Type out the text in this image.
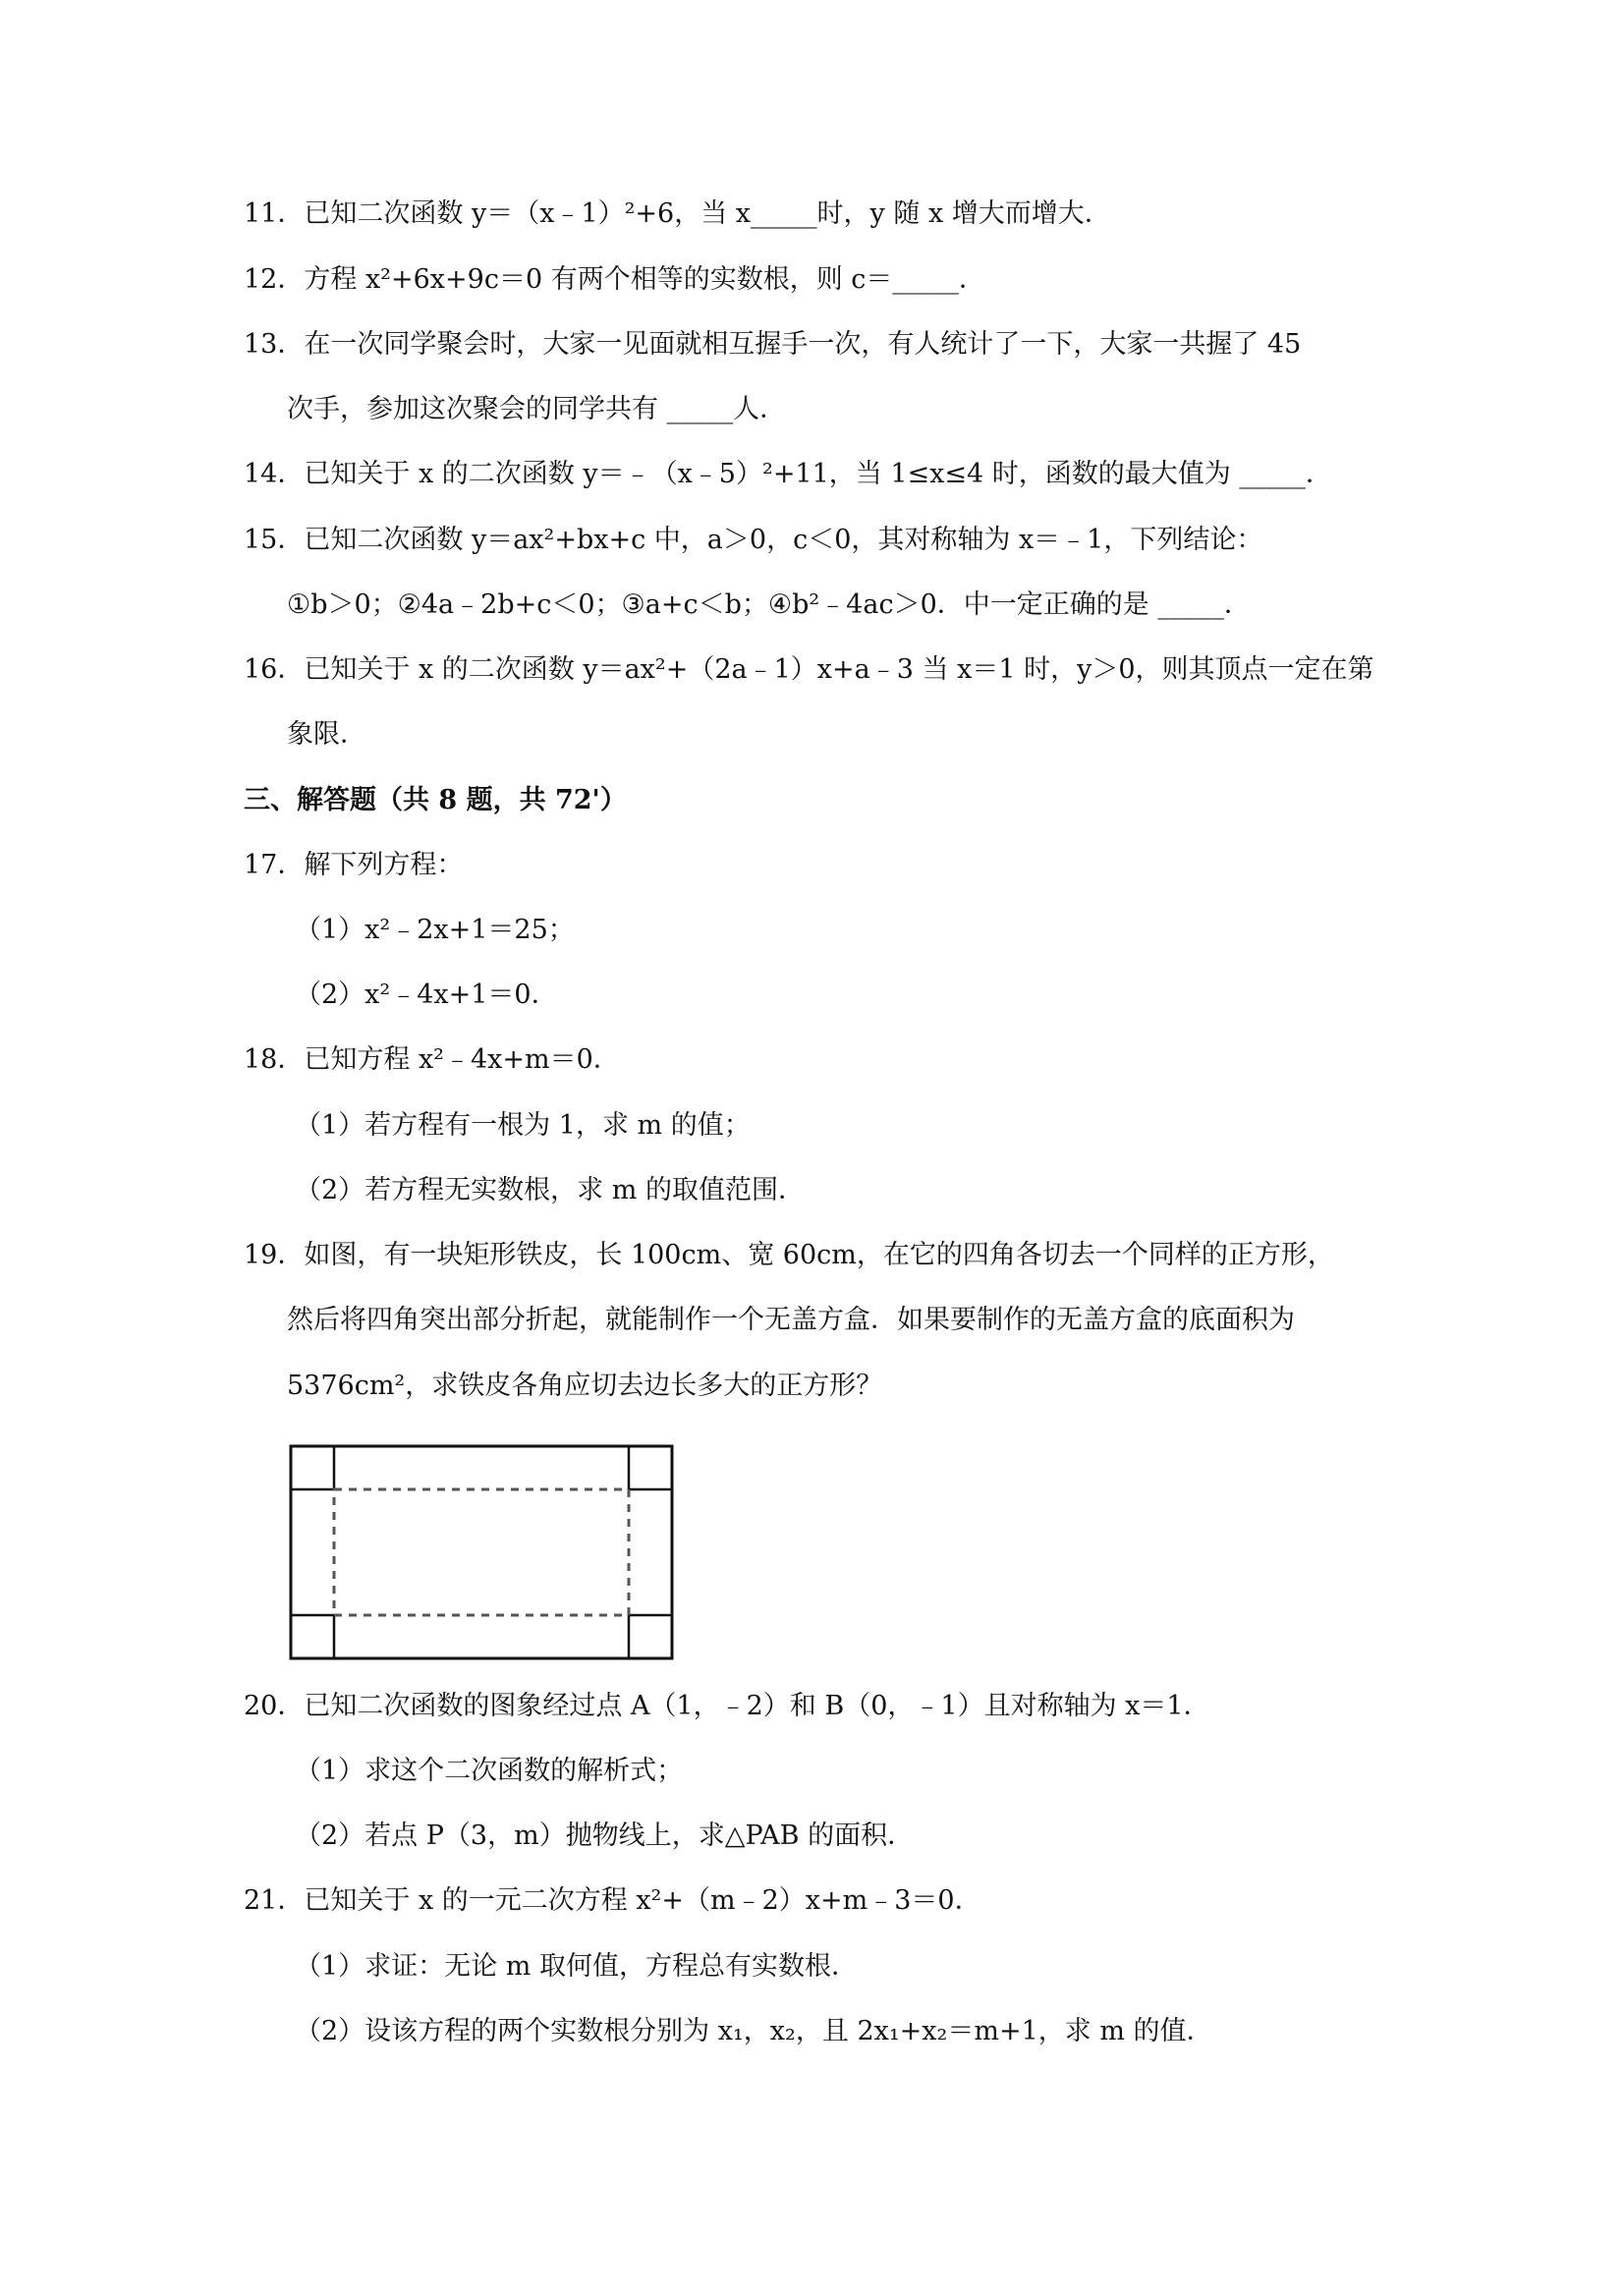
11．已知二次函数 y＝（x﹣1）²+6，当 x_____时，y 随 x 增大而增大．
12．方程 x²+6x+9c＝0 有两个相等的实数根，则 c＝_____．
13．在一次同学聚会时，大家一见面就相互握手一次，有人统计了一下，大家一共握了 45
次手，参加这次聚会的同学共有 _____人．
14．已知关于 x 的二次函数 y＝﹣（x﹣5）²+11，当 1≤x≤4 时，函数的最大值为 _____．
15．已知二次函数 y＝ax²+bx+c 中，a＞0，c＜0，其对称轴为 x＝﹣1，下列结论：
①b＞0；②4a﹣2b+c＜0；③a+c＜b；④b²﹣4ac＞0．中一定正确的是 _____．
16．已知关于 x 的二次函数 y＝ax²+（2a﹣1）x+a﹣3 当 x＝1 时，y＞0，则其顶点一定在第
象限．
三、解答题（共 8 题，共 72'）
17．解下列方程：
（1）x²﹣2x+1＝25；
（2）x²﹣4x+1＝0．
18．已知方程 x²﹣4x+m＝0．
（1）若方程有一根为 1，求 m 的值；
（2）若方程无实数根，求 m 的取值范围．
19．如图，有一块矩形铁皮，长 100cm、宽 60cm，在它的四角各切去一个同样的正方形，
然后将四角突出部分折起，就能制作一个无盖方盒．如果要制作的无盖方盒的底面积为
5376cm²，求铁皮各角应切去边长多大的正方形？
20．已知二次函数的图象经过点 A（1，﹣2）和 B（0，﹣1）且对称轴为 x＝1．
（1）求这个二次函数的解析式；
（2）若点 P（3，m）抛物线上，求△PAB 的面积．
21．已知关于 x 的一元二次方程 x²+（m﹣2）x+m﹣3＝0．
（1）求证：无论 m 取何值，方程总有实数根．
（2）设该方程的两个实数根分别为 x₁，x₂，且 2x₁+x₂＝m+1，求 m 的值．
